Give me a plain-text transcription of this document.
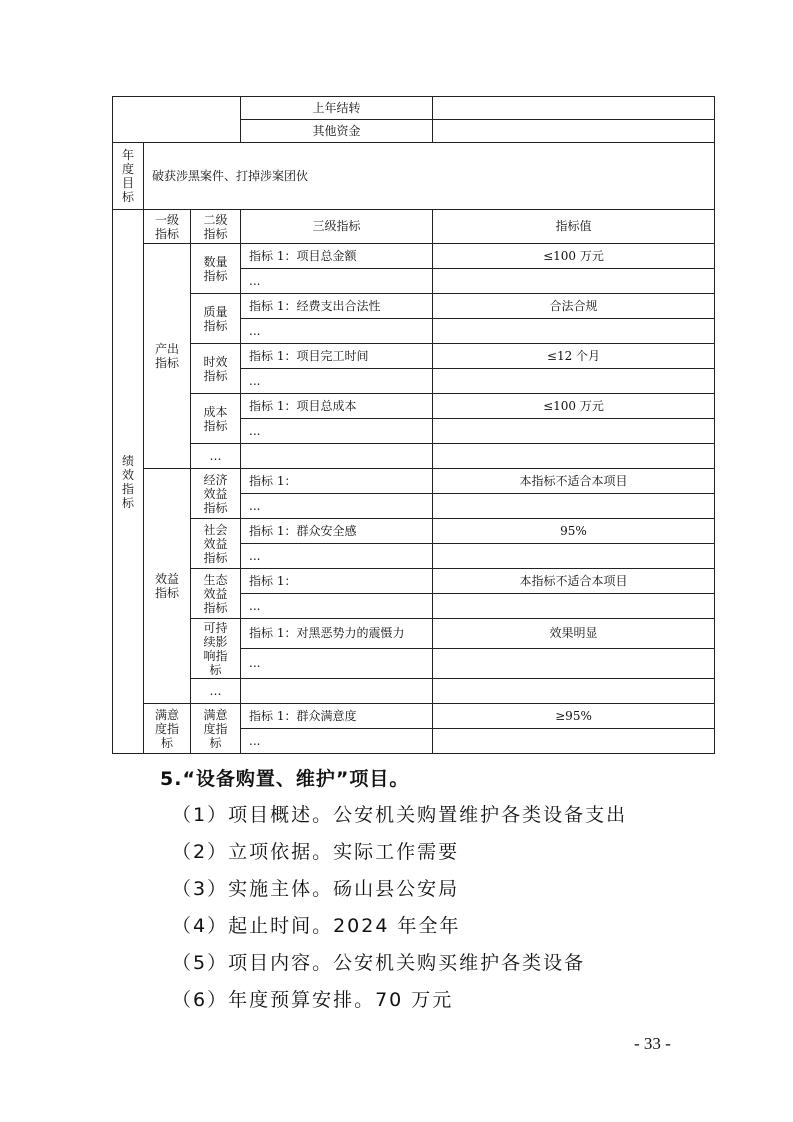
			上年结转	
			其他资金	
年度目标	破获涉黑案件、打掉涉案团伙			
绩效指标	一级指标	二级指标	三级指标	指标值
	产出指标	数量指标	指标 1：项目总金额	≤100 万元
			...	
		质量指标	指标 1：经费支出合法性	合法合规
			...	
		时效指标	指标 1：项目完工时间	≤12 个月
			...	
		成本指标	指标 1：项目总成本	≤100 万元
			...	
		…		
	效益指标	经济效益指标	指标 1：	本指标不适合本项目
			...	
		社会效益指标	指标 1：群众安全感	95%
			...	
		生态效益指标	指标 1：	本指标不适合本项目
			...	
		可持续影响指标	指标 1：对黑恶势力的震慑力	效果明显
			...	
		…		
	满意度指标	满意度指标	指标 1：群众满意度	≥95%
			...	
5.“设备购置、维护”项目。
（1）项目概述。公安机关购置维护各类设备支出
（2）立项依据。实际工作需要
（3）实施主体。砀山县公安局
（4）起止时间。2024 年全年
（5）项目内容。公安机关购买维护各类设备
（6）年度预算安排。70 万元
- 33 -
